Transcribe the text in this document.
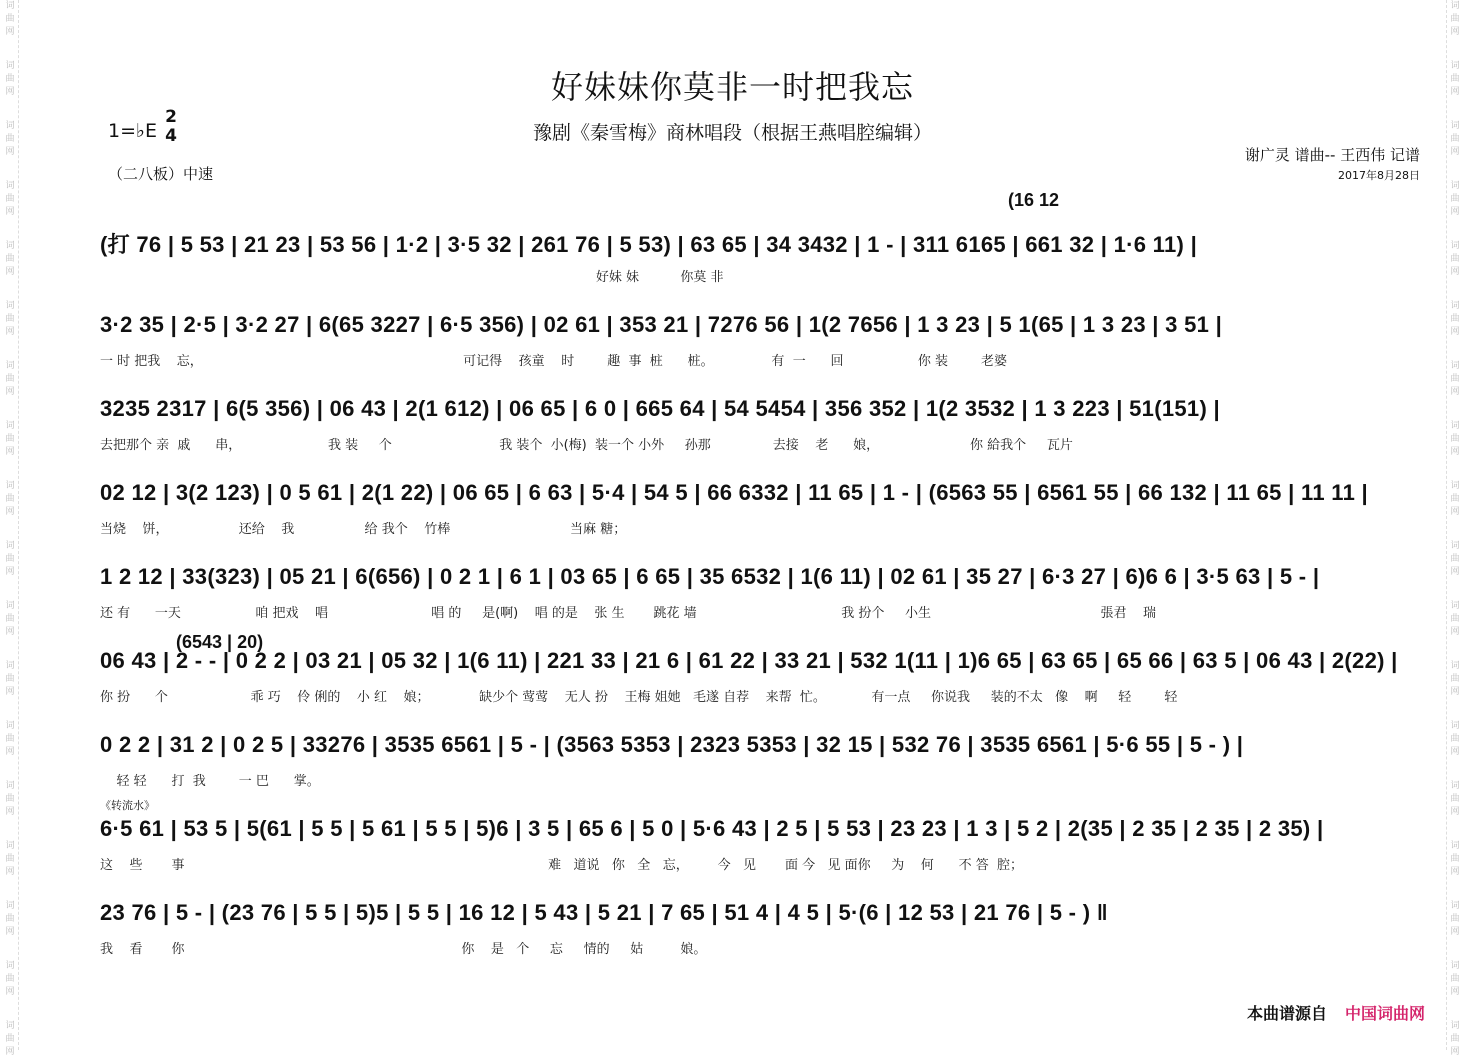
词
曲
网
词
曲
网
词
曲
网
词
曲
网
词
曲
网
词
曲
网
词
曲
网
词
曲
网
词
曲
网
词
曲
网
词
曲
网
词
曲
网
词
曲
网
词
曲
网
词
曲
网
词
曲
网
词
曲
网
词
曲
网
词
曲
网
词
曲
网
词
曲
网
词
曲
网
词
曲
网
词
曲
网
词
曲
网
词
曲
网
词
曲
网
词
曲
网
词
曲
网
词
曲
网
词
曲
网
词
曲
网
词
曲
网
词
曲
网
词
曲
网
词
曲
网
好妹妹你莫非一时把我忘
豫剧《秦雪梅》商林唱段（根据王燕唱腔编辑）
1=♭E
2
4
（二八板）中速
谢广灵 谱曲-- 王西伟 记谱
2017年8月28日
(16 12
(6543 | 20)
《转流水》
(打 76 | 5 53 | 21 23 | 53 56 | 1·2 | 3·5 32 | 261 76 | 5 53) | 63 65 | 34 3432 | 1 - | 311 6165 | 661 32 | 1·6 11) |
好妹 妹          你莫 非
3·2 35 | 2·5 | 3·2 27 | 6(65 3227 | 6·5 356) | 02 61 | 353 21 | 7276 56 | 1(2 7656 | 1 3 23 | 5 1(65 | 1 3 23 | 3 51 |
一 时 把我    忘，                                                               可记得    孩童    时        趣  事  桩      桩。              有  一      回                  你 装        老婆
3235 2317 | 6(5 356) | 06 43 | 2(1 612) | 06 65 | 6 0 | 665 64 | 54 5454 | 356 352 | 1(2 3532 | 1 3 223 | 51(151) |
去把那个 亲  戚      串，                     我 装     个                          我 装个  小(梅)  装一个 小外     孙那               去接    老      娘，                      你 給我个     瓦片
02 12 | 3(2 123) | 0 5 61 | 2(1 22) | 06 65 | 6 63 | 5·4 | 54 5 | 66 6332 | 11 65 | 1 - | (6563 55 | 6561 55 | 66 132 | 11 65 | 11 11 |
当烧    饼，                 还给    我                 给 我个    竹棒                             当麻 糖；
1 2 12 | 33(323) | 05 21 | 6(656) | 0 2 1 | 6 1 | 03 65 | 6 65 | 35 6532 | 1(6 11) | 02 61 | 35 27 | 6·3 27 | 6)6 6 | 3·5 63 | 5 - |
还 有      一天                  咱 把戏    唱                         唱 的     是(啊)    唱 的是    张 生       跳花 墙                                   我 扮个     小生                                         張君    瑞
06 43 | 2 - - | 0 2 2 | 03 21 | 05 32 | 1(6 11) | 221 33 | 21 6 | 61 22 | 33 21 | 532 1(11 | 1)6 65 | 63 65 | 65 66 | 63 5 | 06 43 | 2(22) |
你 扮      个                    乖 巧    伶 俐的    小 红    娘；            缺少个 莺莺    无人 扮    王梅 姐她   毛遂 自荐    来帮  忙。           有一点     你说我     装的不太   像    啊     轻        轻
0 2 2 | 31 2 | 0 2 5 | 33276 | 3535 6561 | 5 - | (3563 5353 | 2323 5353 | 32 15 | 532 76 | 3535 6561 | 5·6 55 | 5 - ) |
轻 轻      打  我        一 巴      掌。
6·5 61 | 53 5 | 5(61 | 5 5 | 5 61 | 5 5 | 5)6 | 3 5 | 65 6 | 5 0 | 5·6 43 | 2 5 | 5 53 | 23 23 | 1 3 | 5 2 | 2(35 | 2 35 | 2 35 | 2 35) |
这    些       事                                                                                        难   道说   你   全   忘，       今   见       面 今   见 面你     为    何      不 答  腔；
23 76 | 5 - | (23 76 | 5 5 | 5)5 | 5 5 | 16 12 | 5 43 | 5 21 | 7 65 | 51 4 | 4 5 | 5·(6 | 12 53 | 21 76 | 5 - ) ‖
我    看       你                                                                   你    是   个     忘     情的     姑         娘。
本曲谱源自 中国词曲网
